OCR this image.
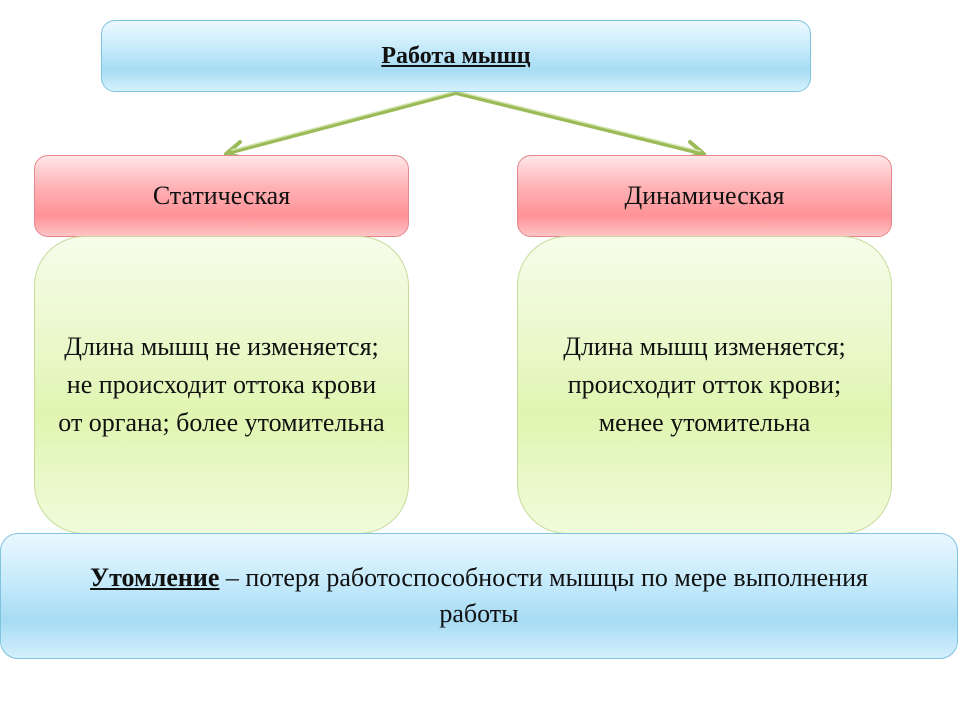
Работа мышц
Статическая	Динамическая
Длина мышц не изменяется; не происходит оттока крови от органа; более утомительна
Длина мышц изменяется; происходит отток крови; менее утомительна
Утомление – потеря работоспособности мышцы по мере выполнения работы
